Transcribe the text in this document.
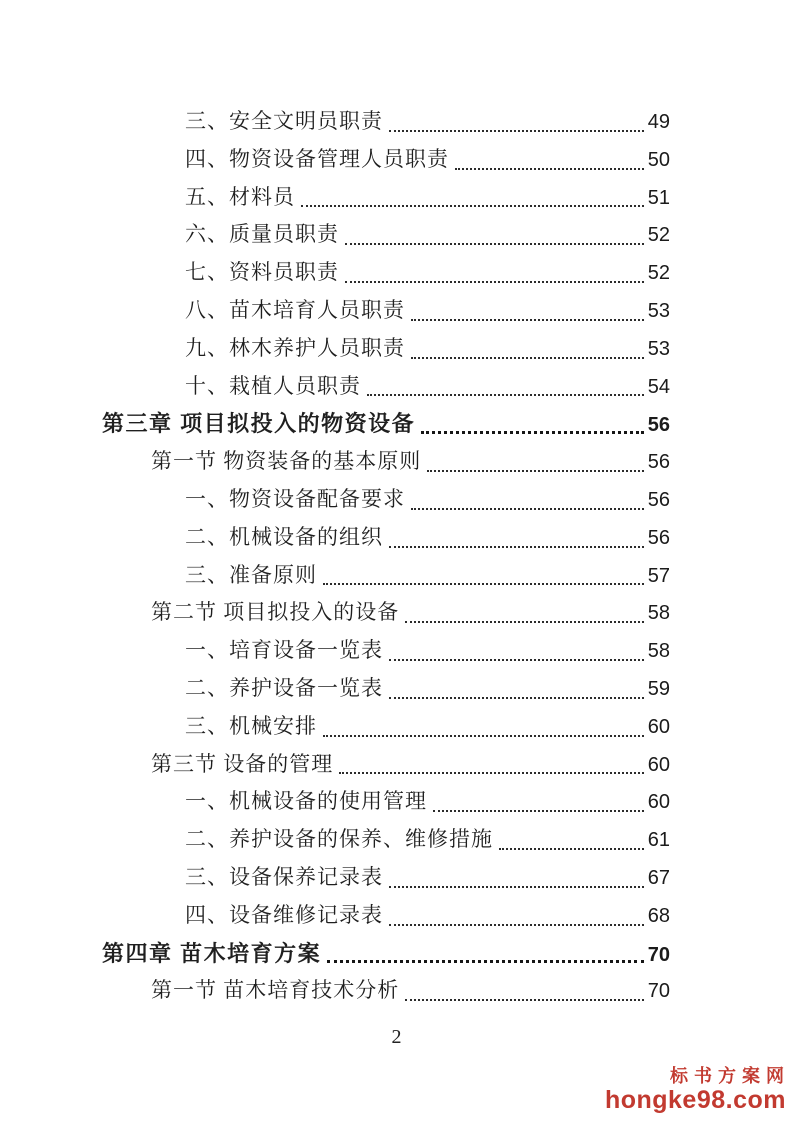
三、安全文明员职责	49
四、物资设备管理人员职责	50
五、材料员	51
六、质量员职责	52
七、资料员职责	52
八、苗木培育人员职责	53
九、林木养护人员职责	53
十、栽植人员职责	54
第三章 项目拟投入的物资设备	56
第一节 物资装备的基本原则	56
一、物资设备配备要求	56
二、机械设备的组织	56
三、准备原则	57
第二节 项目拟投入的设备	58
一、培育设备一览表	58
二、养护设备一览表	59
三、机械安排	60
第三节 设备的管理	60
一、机械设备的使用管理	60
二、养护设备的保养、维修措施	61
三、设备保养记录表	67
四、设备维修记录表	68
第四章 苗木培育方案	70
第一节 苗木培育技术分析	70
2
标书方案网
hongke98.com
